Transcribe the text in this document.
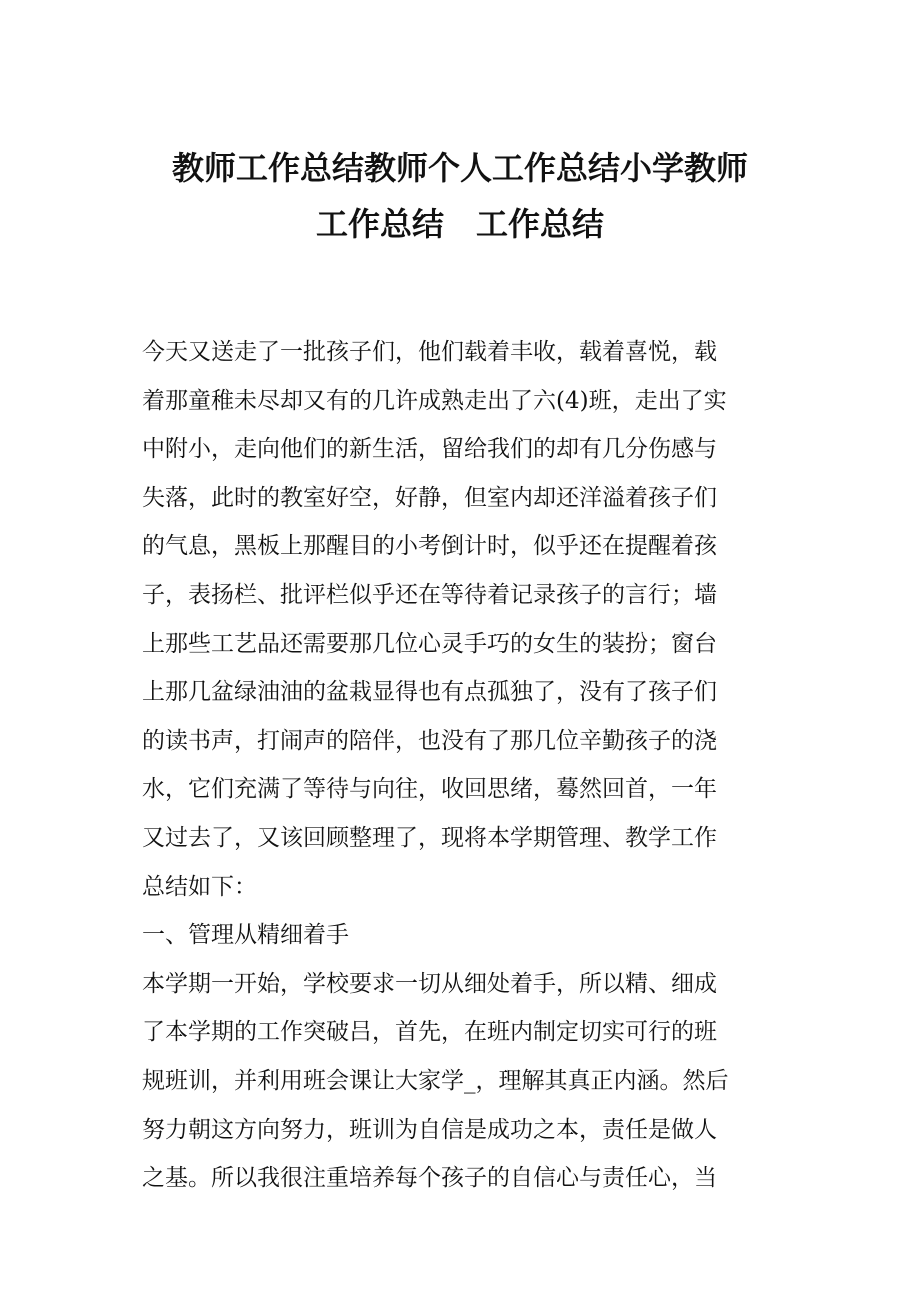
教师工作总结教师个人工作总结小学教师
工作总结　工作总结
今天又送走了一批孩子们，他们载着丰收，载着喜悦，载
着那童稚未尽却又有的几许成熟走出了六(4)班，走出了实
中附小，走向他们的新生活，留给我们的却有几分伤感与
失落，此时的教室好空，好静，但室内却还洋溢着孩子们
的气息，黑板上那醒目的小考倒计时，似乎还在提醒着孩
子，表扬栏、批评栏似乎还在等待着记录孩子的言行；墙
上那些工艺品还需要那几位心灵手巧的女生的装扮；窗台
上那几盆绿油油的盆栽显得也有点孤独了，没有了孩子们
的读书声，打闹声的陪伴，也没有了那几位辛勤孩子的浇
水，它们充满了等待与向往，收回思绪，蓦然回首，一年
又过去了，又该回顾整理了，现将本学期管理、教学工作
总结如下：
一、管理从精细着手
本学期一开始，学校要求一切从细处着手，所以精、细成
了本学期的工作突破吕，首先，在班内制定切实可行的班
规班训，并利用班会课让大家学_，理解其真正内涵。然后
努力朝这方向努力，班训为自信是成功之本，责任是做人
之基。所以我很注重培养每个孩子的自信心与责任心，当
